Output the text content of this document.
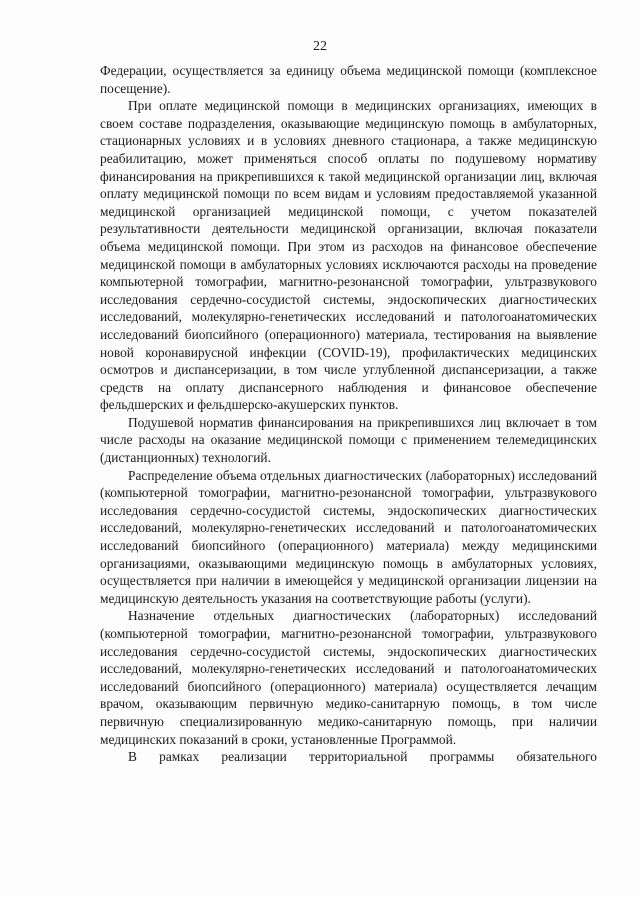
22

Федерации, осуществляется за единицу объема медицинской помощи (комплексное посещение).

При оплате медицинской помощи в медицинских организациях, имеющих в своем составе подразделения, оказывающие медицинскую помощь в амбулаторных, стационарных условиях и в условиях дневного стационара, а также медицинскую реабилитацию, может применяться способ оплаты по подушевому нормативу финансирования на прикрепившихся к такой медицинской организации лиц, включая оплату медицинской помощи по всем видам и условиям предоставляемой указанной медицинской организацией медицинской помощи, с учетом показателей результативности деятельности медицинской организации, включая показатели объема медицинской помощи. При этом из расходов на финансовое обеспечение медицинской помощи в амбулаторных условиях исключаются расходы на проведение компьютерной томографии, магнитно-резонансной томографии, ультразвукового исследования сердечно-сосудистой системы, эндоскопических диагностических исследований, молекулярно-генетических исследований и патологоанатомических исследований биопсийного (операционного) материала, тестирования на выявление новой коронавирусной инфекции (COVID-19), профилактических медицинских осмотров и диспансеризации, в том числе углубленной диспансеризации, а также средств на оплату диспансерного наблюдения и финансовое обеспечение фельдшерских и фельдшерско-акушерских пунктов.

Подушевой норматив финансирования на прикрепившихся лиц включает в том числе расходы на оказание медицинской помощи с применением телемедицинских (дистанционных) технологий.

Распределение объема отдельных диагностических (лабораторных) исследований (компьютерной томографии, магнитно-резонансной томографии, ультразвукового исследования сердечно-сосудистой системы, эндоскопических диагностических исследований, молекулярно-генетических исследований и патологоанатомических исследований биопсийного (операционного) материала) между медицинскими организациями, оказывающими медицинскую помощь в амбулаторных условиях, осуществляется при наличии в имеющейся у медицинской организации лицензии на медицинскую деятельность указания на соответствующие работы (услуги).

Назначение отдельных диагностических (лабораторных) исследований (компьютерной томографии, магнитно-резонансной томографии, ультразвукового исследования сердечно-сосудистой системы, эндоскопических диагностических исследований, молекулярно-генетических исследований и патологоанатомических исследований биопсийного (операционного) материала) осуществляется лечащим врачом, оказывающим первичную медико-санитарную помощь, в том числе первичную специализированную медико-санитарную помощь, при наличии медицинских показаний в сроки, установленные Программой.

В рамках реализации территориальной программы обязательного
